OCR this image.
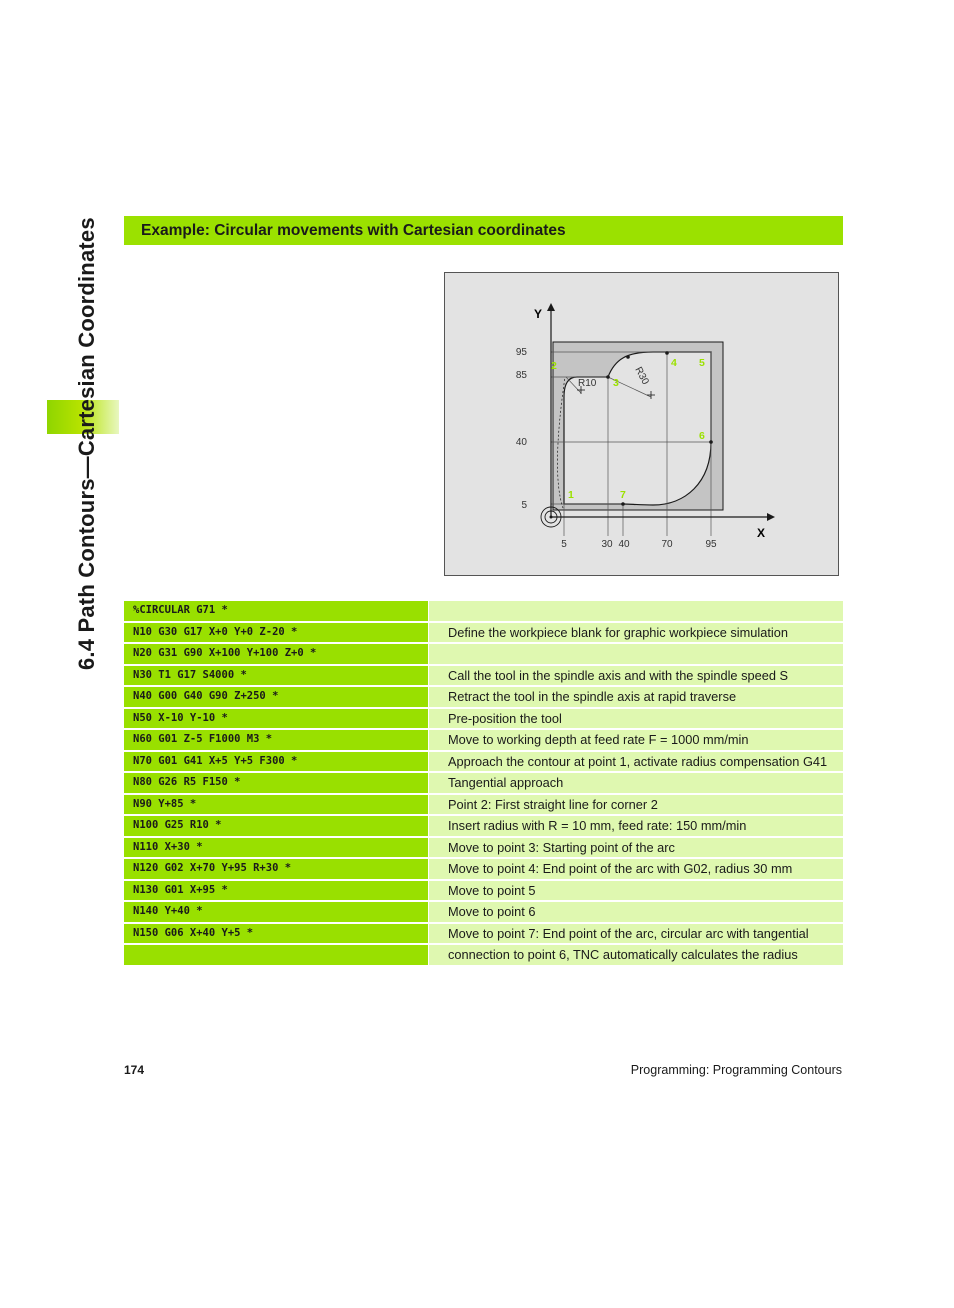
6.4 Path Contours—Cartesian Coordinates	Example: Circular movements with Cartesian coordinates
Y
X
95
85
40
5
5	30 40	70	95
R10	R30
1
2
3
4 5
6
7
%CIRCULAR G71 *
N10 G30 G17 X+0 Y+0 Z-20 *	Define the workpiece blank for graphic workpiece simulation
N20 G31 G90 X+100 Y+100 Z+0 *
N30 T1 G17 S4000 *	Call the tool in the spindle axis and with the spindle speed S
N40 G00 G40 G90 Z+250 *	Retract the tool in the spindle axis at rapid traverse
N50 X-10 Y-10 *	Pre-position the tool
N60 G01 Z-5 F1000 M3 *	Move to working depth at feed rate F = 1000 mm/min
N70 G01 G41 X+5 Y+5 F300 *	Approach the contour at point 1, activate radius compensation G41
N80 G26 R5 F150 *	Tangential approach
N90 Y+85 *	Point 2: First straight line for corner 2
N100 G25 R10 *	Insert radius with R = 10 mm, feed rate: 150 mm/min
N110 X+30 *	Move to point 3: Starting point of the arc
N120 G02 X+70 Y+95 R+30 *	Move to point 4: End point of the arc with G02, radius 30 mm
N130 G01 X+95 *	Move to point 5
N140 Y+40 *	Move to point 6
N150 G06 X+40 Y+5 *	Move to point 7: End point of the arc, circular arc with tangential
connection to point 6, TNC automatically calculates the radius
174	Programming: Programming Contours
